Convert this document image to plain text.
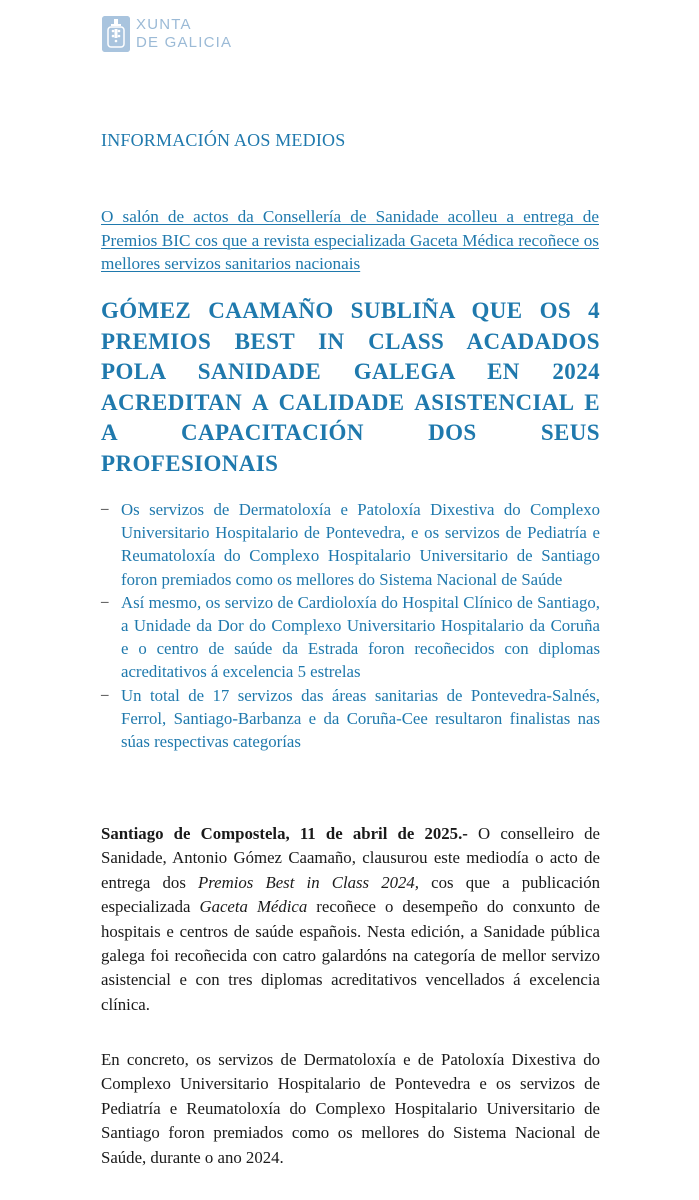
XUNTA
DE GALICIA
INFORMACIÓN AOS MEDIOS
O salón de actos da Consellería de Sanidade acolleu a entrega de Premios BIC cos que a revista especializada Gaceta Médica recoñece os mellores servizos sanitarios nacionais
GÓMEZ CAAMAÑO SUBLIÑA QUE OS 4 PREMIOS BEST IN CLASS ACADADOS POLA SANIDADE GALEGA EN 2024 ACREDITAN A CALIDADE ASISTENCIAL E A CAPACITACIÓN DOS SEUS PROFESIONAIS
– Os servizos de Dermatoloxía e Patoloxía Dixestiva do Complexo Universitario Hospitalario de Pontevedra, e os servizos de Pediatría e Reumatoloxía do Complexo Hospitalario Universitario de Santiago foron premiados como os mellores do Sistema Nacional de Saúde
– Así mesmo, os servizo de Cardioloxía do Hospital Clínico de Santiago, a Unidade da Dor do Complexo Universitario Hospitalario da Coruña e o centro de saúde da Estrada foron recoñecidos con diplomas acreditativos á excelencia 5 estrelas
– Un total de 17 servizos das áreas sanitarias de Pontevedra-Salnés, Ferrol, Santiago-Barbanza e da Coruña-Cee resultaron finalistas nas súas respectivas categorías

Santiago de Compostela, 11 de abril de 2025.- O conselleiro de Sanidade, Antonio Gómez Caamaño, clausurou este mediodía o acto de entrega dos Premios Best in Class 2024, cos que a publicación especializada Gaceta Médica recoñece o desempeño do conxunto de hospitais e centros de saúde españois. Nesta edición, a Sanidade pública galega foi recoñecida con catro galardóns na categoría de mellor servizo asistencial e con tres diplomas acreditativos vencellados á excelencia clínica.

En concreto, os servizos de Dermatoloxía e de Patoloxía Dixestiva do Complexo Universitario Hospitalario de Pontevedra e os servizos de Pediatría e Reumatoloxía do Complexo Hospitalario Universitario de Santiago foron premiados como os mellores do Sistema Nacional de Saúde, durante o ano 2024.
